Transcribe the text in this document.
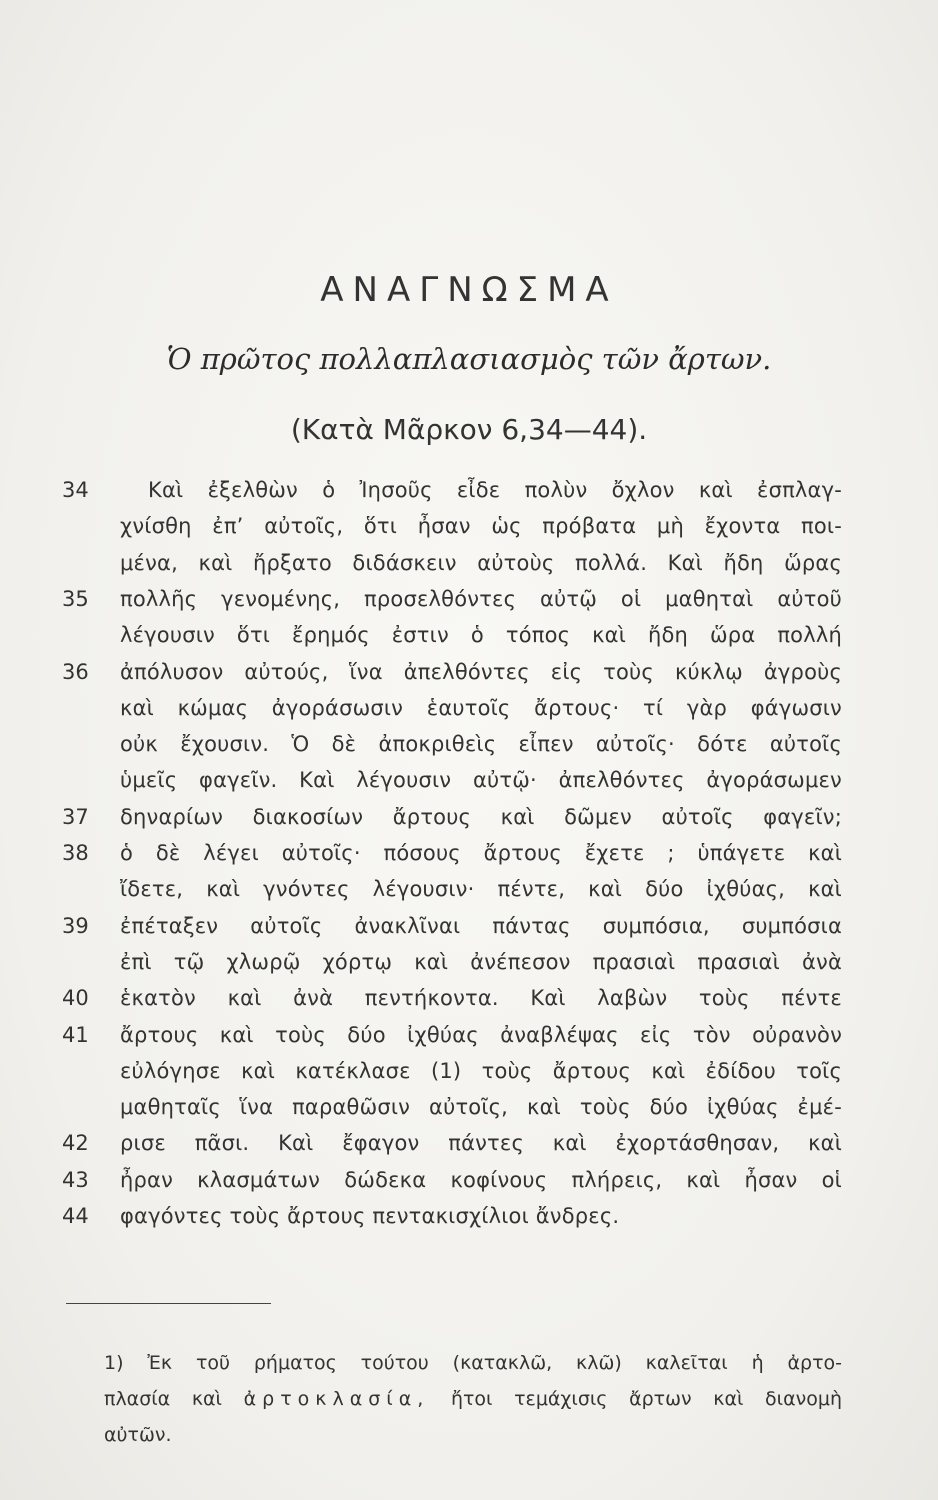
ΑΝΑΓΝΩΣΜΑ
Ὁ πρῶτος πολλαπλασιασμὸς τῶν ἄρτων.
(Κατὰ Μᾶρκον 6,34—44).
34	Καὶ ἐξελθὼν ὁ Ἰησοῦς εἶδε πολὺν ὄχλον καὶ ἐσπλαγ-
χνίσθη ἐπ’ αὐτοῖς, ὅτι ἦσαν ὡς πρόβατα μὴ ἔχοντα ποι-
μένα, καὶ ἤρξατο διδάσκειν αὐτοὺς πολλά. Καὶ ἤδη ὥρας
35	πολλῆς γενομένης, προσελθόντες αὐτῷ οἱ μαθηταὶ αὐτοῦ
λέγουσιν ὅτι ἔρημός ἐστιν ὁ τόπος καὶ ἤδη ὥρα πολλή
36	ἀπόλυσον αὐτούς, ἵνα ἀπελθόντες εἰς τοὺς κύκλῳ ἀγροὺς
καὶ κώμας ἀγοράσωσιν ἑαυτοῖς ἄρτους· τί γὰρ φάγωσιν
οὐκ ἔχουσιν. Ὁ δὲ ἀποκριθεὶς εἶπεν αὐτοῖς· δότε αὐτοῖς
ὑμεῖς φαγεῖν. Καὶ λέγουσιν αὐτῷ· ἀπελθόντες ἀγοράσωμεν
37	δηναρίων διακοσίων ἄρτους καὶ δῶμεν αὐτοῖς φαγεῖν;
38	ὁ δὲ λέγει αὐτοῖς· πόσους ἄρτους ἔχετε ; ὑπάγετε καὶ
ἴδετε, καὶ γνόντες λέγουσιν· πέντε, καὶ δύο ἰχθύας, καὶ
39	ἐπέταξεν αὐτοῖς ἀνακλῖναι πάντας συμπόσια, συμπόσια
ἐπὶ τῷ χλωρῷ χόρτῳ καὶ ἀνέπεσον πρασιαὶ πρασιαὶ ἀνὰ
40	ἑκατὸν καὶ ἀνὰ πεντήκοντα. Καὶ λαβὼν τοὺς πέντε
41	ἄρτους καὶ τοὺς δύο ἰχθύας ἀναβλέψας εἰς τὸν οὐρανὸν
εὐλόγησε καὶ κατέκλασε (1) τοὺς ἄρτους καὶ ἐδίδου τοῖς
μαθηταῖς ἵνα παραθῶσιν αὐτοῖς, καὶ τοὺς δύο ἰχθύας ἐμέ-
42	ρισε πᾶσι. Καὶ ἔφαγον πάντες καὶ ἐχορτάσθησαν, καὶ
43	ἦραν κλασμάτων δώδεκα κοφίνους πλήρεις, καὶ ἦσαν οἱ
44	φαγόντες τοὺς ἄρτους πεντακισχίλιοι ἄνδρες.
1) Ἐκ τοῦ ρήματος τούτου (κατακλῶ, κλῶ) καλεῖται ἡ ἀρτο-
πλασία καὶ ἀρτοκλασία, ἤτοι τεμάχισις ἄρτων καὶ διανομὴ
αὐτῶν.
